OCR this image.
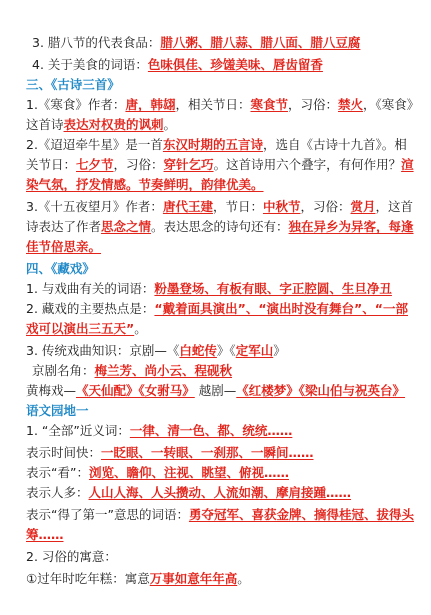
3. 腊八节的代表食品：腊八粥、腊八蒜、腊八面、腊八豆腐
4. 关于美食的词语：色味俱佳、珍馐美味、唇齿留香
三、《古诗三首》
1.《寒食》作者：唐，韩翃，相关节日：寒食节，习俗：禁火，《寒食》
这首诗表达对权贵的讽刺。
2.《迢迢牵牛星》是一首东汉时期的五言诗，选自《古诗十九首》。相
关节日：七夕节，习俗：穿针乞巧。这首诗用六个叠字，有何作用？渲
染气氛，抒发情感。节奏鲜明，韵律优美。
3.《十五夜望月》作者：唐代王建，节日：中秋节，习俗：赏月，这首
诗表达了作者思念之情。表达思念的诗句还有：独在异乡为异客，每逢
佳节倍思亲。
四、《藏戏》
1. 与戏曲有关的词语：粉墨登场、有板有眼、字正腔圆、生旦净丑
2. 藏戏的主要热点是：“戴着面具演出”、“演出时没有舞台”、“一部
戏可以演出三五天”。
3. 传统戏曲知识：京剧—《白蛇传》《定军山》
京剧名角：梅兰芳、尚小云、程砚秋
黄梅戏—《天仙配》《女驸马》 越剧—《红楼梦》《梁山伯与祝英台》
语文园地一
1. “全部”近义词：一律、清一色、都、统统……
表示时间快：一眨眼、一转眼、一刹那、一瞬间……
表示“看”：浏览、瞻仰、注视、眺望、俯视……
表示人多：人山人海、人头攒动、人流如潮、摩肩接踵……
表示“得了第一”意思的词语：勇夺冠军、喜获金牌、摘得桂冠、拔得头
筹……
2. 习俗的寓意：
①过年时吃年糕：寓意万事如意年年高。
